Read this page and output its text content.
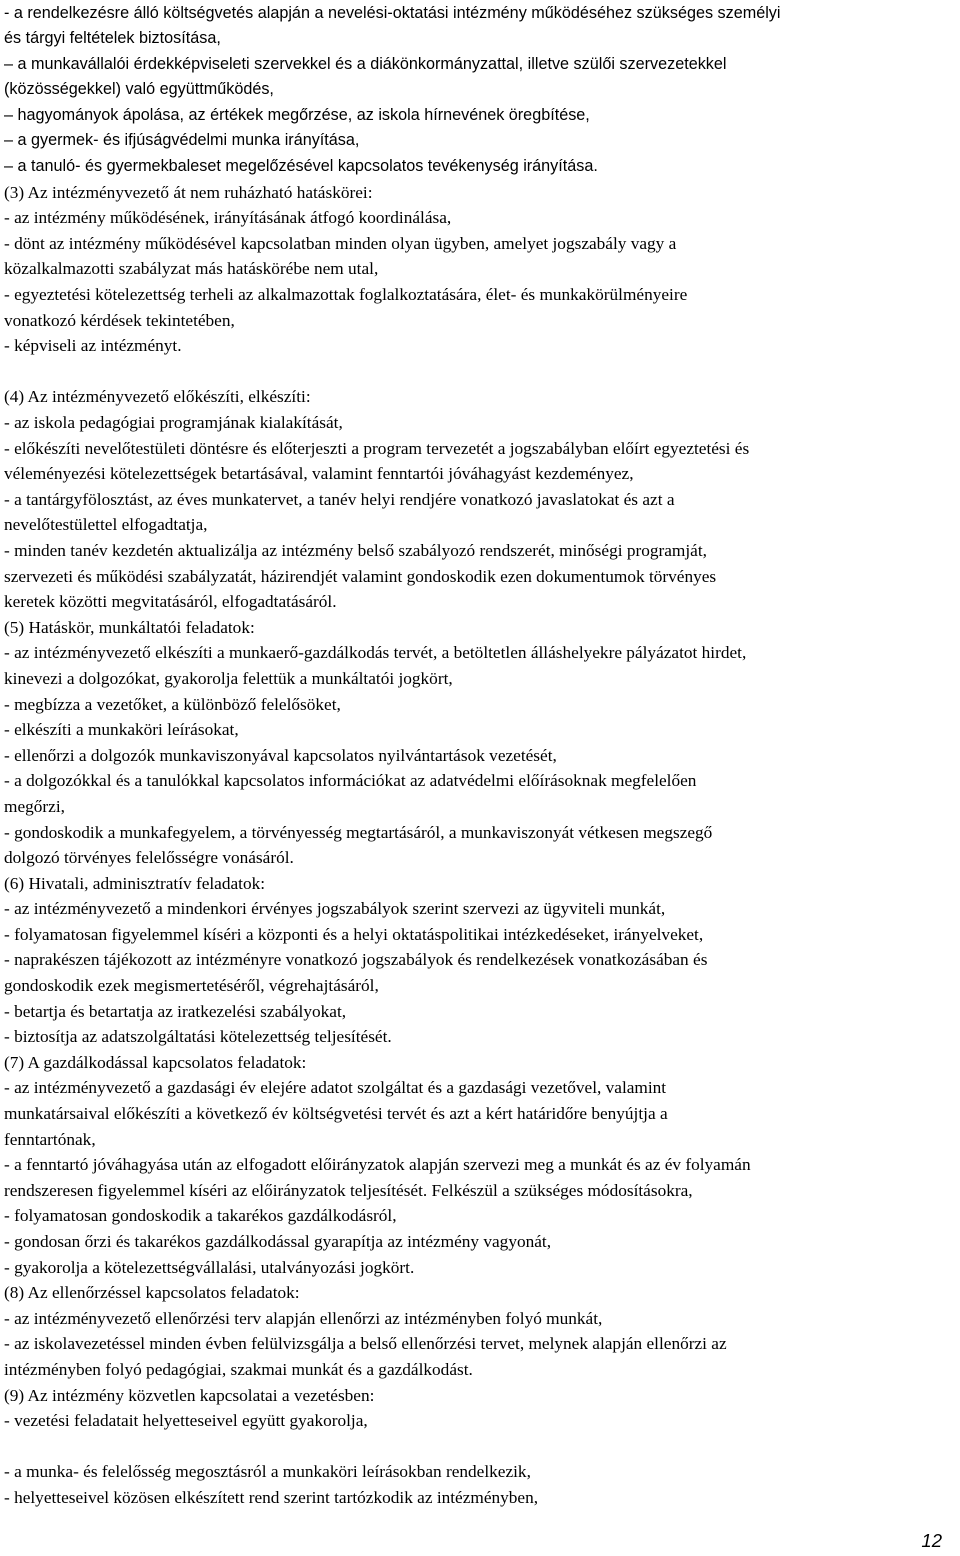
- a rendelkezésre álló költségvetés alapján a nevelési-oktatási intézmény működéséhez szükséges személyi

és tárgyi feltételek biztosítása,

– a munkavállalói érdekképviseleti szervekkel és a diákönkormányzattal, illetve szülői szervezetekkel

(közösségekkel) való együttműködés,

– hagyományok ápolása, az értékek megőrzése, az iskola hírnevének öregbítése,

– a gyermek- és ifjúságvédelmi munka irányítása,

– a tanuló- és gyermekbaleset megelőzésével kapcsolatos tevékenység irányítása.

(3) Az intézményvezető át nem ruházható hatáskörei:

- az intézmény működésének, irányításának átfogó koordinálása,

- dönt az intézmény működésével kapcsolatban minden olyan ügyben, amelyet jogszabály vagy a

közalkalmazotti szabályzat más hatáskörébe nem utal,

- egyeztetési kötelezettség terheli az alkalmazottak foglalkoztatására, élet- és munkakörülményeire

vonatkozó kérdések tekintetében,

- képviseli az intézményt.

(4) Az intézményvezető előkészíti, elkészíti:

- az iskola pedagógiai programjának kialakítását,

- előkészíti nevelőtestületi döntésre és előterjeszti a program tervezetét a jogszabályban előírt egyeztetési és

véleményezési kötelezettségek betartásával, valamint fenntartói jóváhagyást kezdeményez,

- a tantárgyfölosztást, az éves munkatervet, a tanév helyi rendjére vonatkozó javaslatokat és azt a

nevelőtestülettel elfogadtatja,

- minden tanév kezdetén aktualizálja az intézmény belső szabályozó rendszerét, minőségi programját,

szervezeti és működési szabályzatát, házirendjét valamint gondoskodik ezen dokumentumok törvényes

keretek közötti megvitatásáról, elfogadtatásáról.

(5) Hatáskör, munkáltatói feladatok:

- az intézményvezető elkészíti a munkaerő-gazdálkodás tervét, a betöltetlen álláshelyekre pályázatot hirdet,

kinevezi a dolgozókat, gyakorolja felettük a munkáltatói jogkört,

- megbízza a vezetőket, a különböző felelősöket,

- elkészíti a munkaköri leírásokat,

- ellenőrzi a dolgozók munkaviszonyával kapcsolatos nyilvántartások vezetését,

- a dolgozókkal és a tanulókkal kapcsolatos információkat az adatvédelmi előírásoknak megfelelően

megőrzi,

- gondoskodik a munkafegyelem, a törvényesség megtartásáról, a munkaviszonyát vétkesen megszegő

dolgozó törvényes felelősségre vonásáról.

(6) Hivatali, adminisztratív feladatok:

- az intézményvezető a mindenkori érvényes jogszabályok szerint szervezi az ügyviteli munkát,

- folyamatosan figyelemmel kíséri a központi és a helyi oktatáspolitikai intézkedéseket, irányelveket,

- naprakészen tájékozott az intézményre vonatkozó jogszabályok és rendelkezések vonatkozásában és

gondoskodik ezek megismertetéséről, végrehajtásáról,

- betartja és betartatja az iratkezelési szabályokat,

- biztosítja az adatszolgáltatási kötelezettség teljesítését.

(7) A gazdálkodással kapcsolatos feladatok:

- az intézményvezető a gazdasági év elejére adatot szolgáltat és a gazdasági vezetővel, valamint

munkatársaival előkészíti a következő év költségvetési tervét és azt a kért határidőre benyújtja a

fenntartónak,

- a fenntartó jóváhagyása után az elfogadott előirányzatok alapján szervezi meg a munkát és az év folyamán

rendszeresen figyelemmel kíséri az előirányzatok teljesítését. Felkészül a szükséges módosításokra,

- folyamatosan gondoskodik a takarékos gazdálkodásról,

- gondosan őrzi és takarékos gazdálkodással gyarapítja az intézmény vagyonát,

- gyakorolja a kötelezettségvállalási, utalványozási jogkört.

(8) Az ellenőrzéssel kapcsolatos feladatok:

- az intézményvezető ellenőrzési terv alapján ellenőrzi az intézményben folyó munkát,

- az iskolavezetéssel minden évben felülvizsgálja a belső ellenőrzési tervet, melynek alapján ellenőrzi az

intézményben folyó pedagógiai, szakmai munkát és a gazdálkodást.

(9) Az intézmény közvetlen kapcsolatai a vezetésben:

- vezetési feladatait helyetteseivel együtt gyakorolja,

- a munka- és felelősség megosztásról a munkaköri leírásokban rendelkezik,

- helyetteseivel közösen elkészített rend szerint tartózkodik az intézményben,

12
